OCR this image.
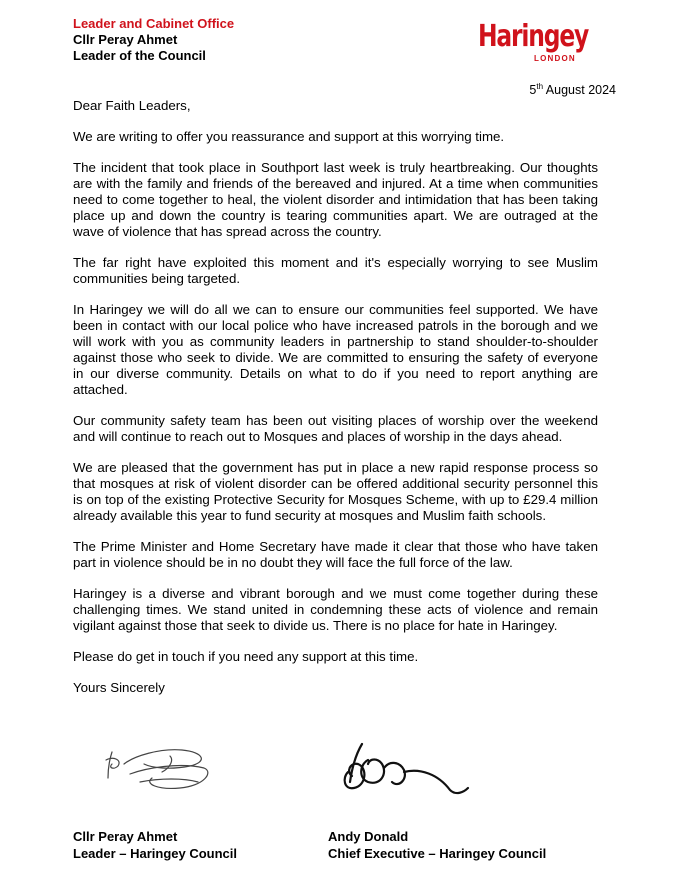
Leader and Cabinet Office
Cllr Peray Ahmet
Leader of the Council
Haringey
LONDON
5th August 2024

Dear Faith Leaders,

We are writing to offer you reassurance and support at this worrying time.

The incident that took place in Southport last week is truly heartbreaking. Our thoughts are with the family and friends of the bereaved and injured. At a time when communities need to come together to heal, the violent disorder and intimidation that has been taking place up and down the country is tearing communities apart. We are outraged at the wave of violence that has spread across the country.

The far right have exploited this moment and it's especially worrying to see Muslim communities being targeted.

In Haringey we will do all we can to ensure our communities feel supported. We have been in contact with our local police who have increased patrols in the borough and we will work with you as community leaders in partnership to stand shoulder-to-shoulder against those who seek to divide. We are committed to ensuring the safety of everyone in our diverse community. Details on what to do if you need to report anything are attached.

Our community safety team has been out visiting places of worship over the weekend and will continue to reach out to Mosques and places of worship in the days ahead.

We are pleased that the government has put in place a new rapid response process so that mosques at risk of violent disorder can be offered additional security personnel this is on top of the existing Protective Security for Mosques Scheme, with up to £29.4 million already available this year to fund security at mosques and Muslim faith schools.

The Prime Minister and Home Secretary have made it clear that those who have taken part in violence should be in no doubt they will face the full force of the law.

Haringey is a diverse and vibrant borough and we must come together during these challenging times. We stand united in condemning these acts of violence and remain vigilant against those that seek to divide us. There is no place for hate in Haringey.

Please do get in touch if you need any support at this time.

Yours Sincerely

Cllr Peray Ahmet
Leader – Haringey Council
Andy Donald
Chief Executive – Haringey Council
